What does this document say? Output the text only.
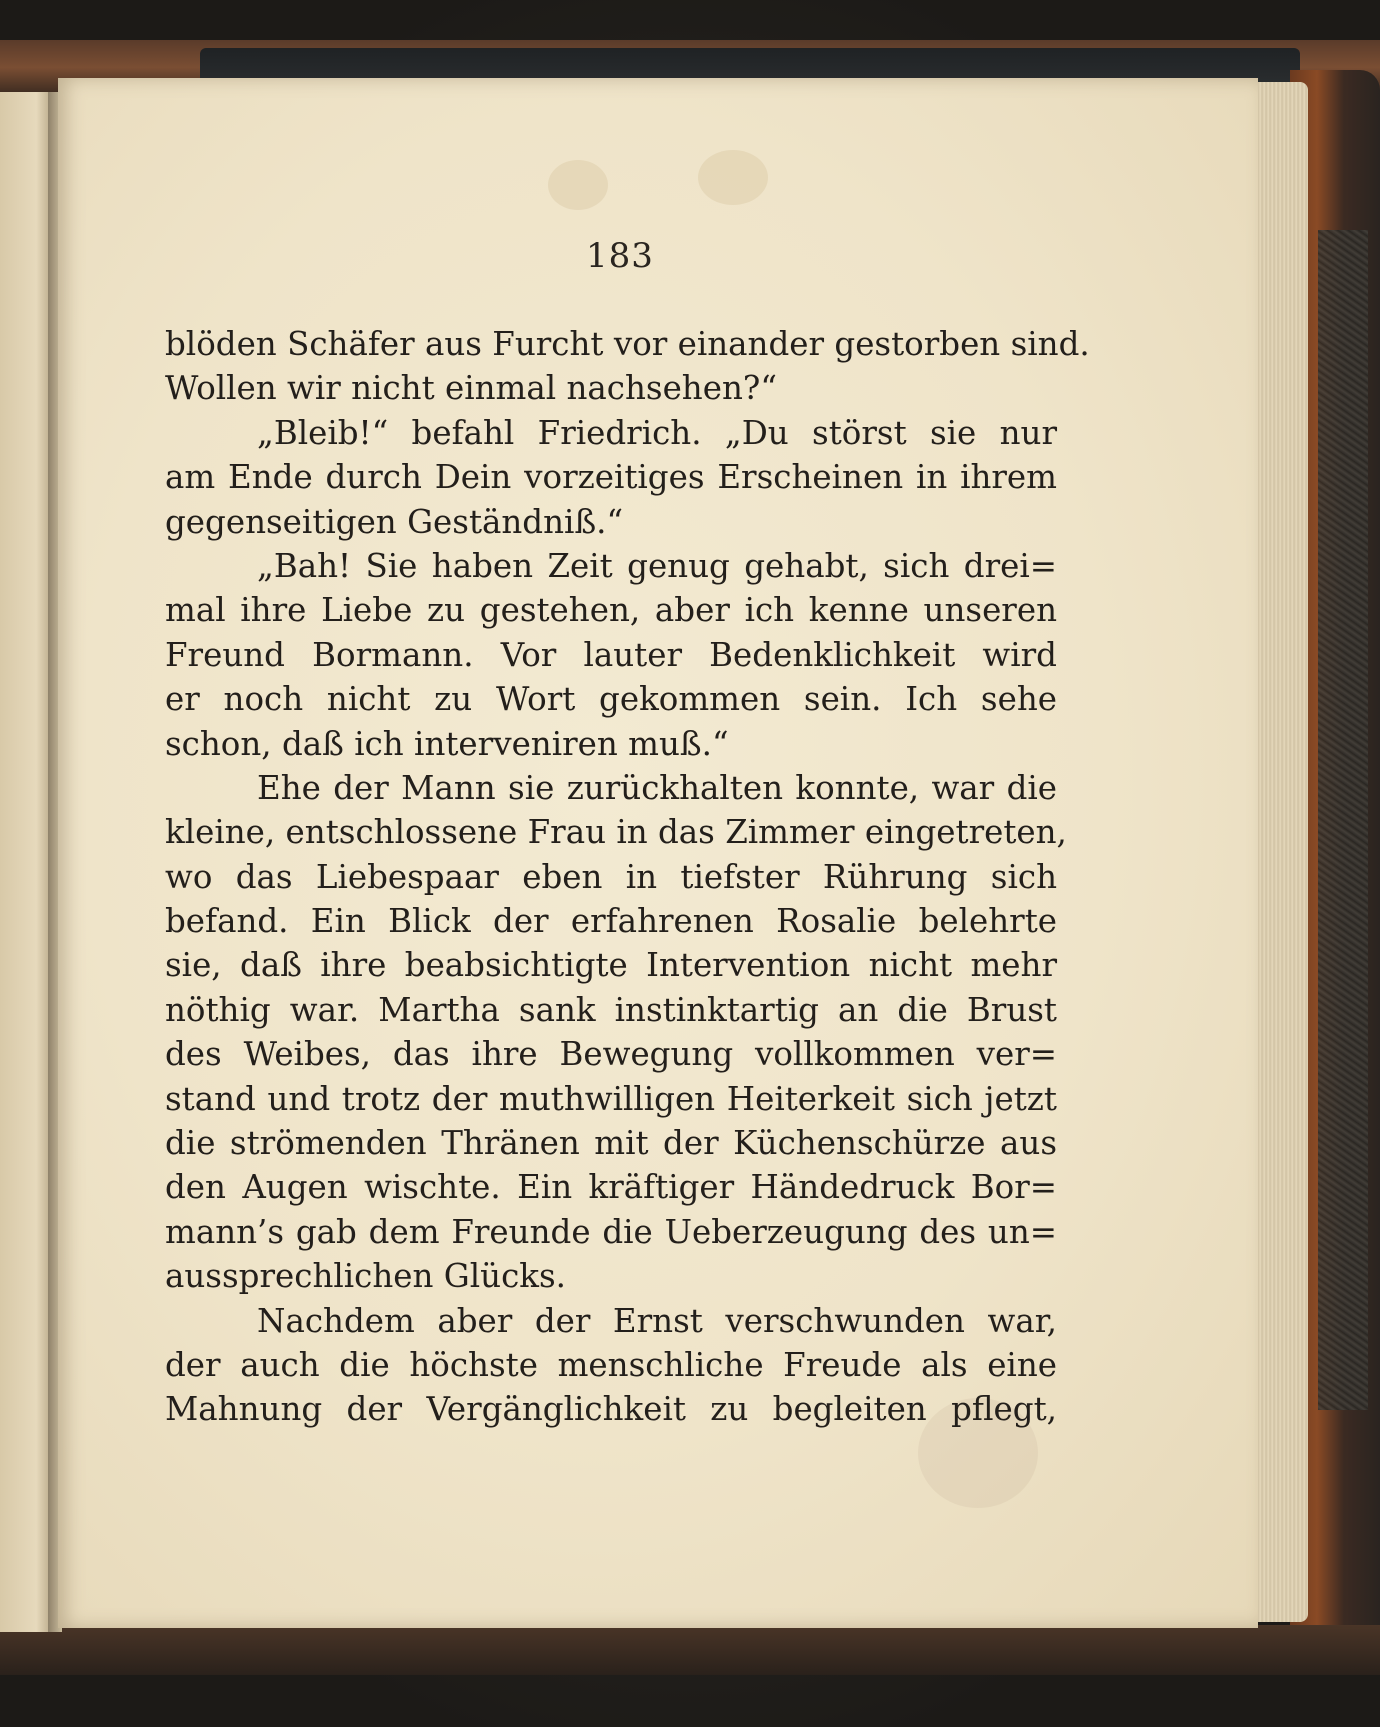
183
blöden Schäfer aus Furcht vor einander gestorben sind.
Wollen wir nicht einmal nachsehen?“
„Bleib!“ befahl Friedrich. „Du störst sie nur
am Ende durch Dein vorzeitiges Erscheinen in ihrem
gegenseitigen Geständniß.“
„Bah! Sie haben Zeit genug gehabt, sich drei=
mal ihre Liebe zu gestehen, aber ich kenne unseren
Freund Bormann. Vor lauter Bedenklichkeit wird
er noch nicht zu Wort gekommen sein. Ich sehe
schon, daß ich interveniren muß.“
Ehe der Mann sie zurückhalten konnte, war die
kleine, entschlossene Frau in das Zimmer eingetreten,
wo das Liebespaar eben in tiefster Rührung sich
befand. Ein Blick der erfahrenen Rosalie belehrte
sie, daß ihre beabsichtigte Intervention nicht mehr
nöthig war. Martha sank instinktartig an die Brust
des Weibes, das ihre Bewegung vollkommen ver=
stand und trotz der muthwilligen Heiterkeit sich jetzt
die strömenden Thränen mit der Küchenschürze aus
den Augen wischte. Ein kräftiger Händedruck Bor=
mann’s gab dem Freunde die Ueberzeugung des un=
aussprechlichen Glücks.
Nachdem aber der Ernst verschwunden war,
der auch die höchste menschliche Freude als eine
Mahnung der Vergänglichkeit zu begleiten pflegt,
